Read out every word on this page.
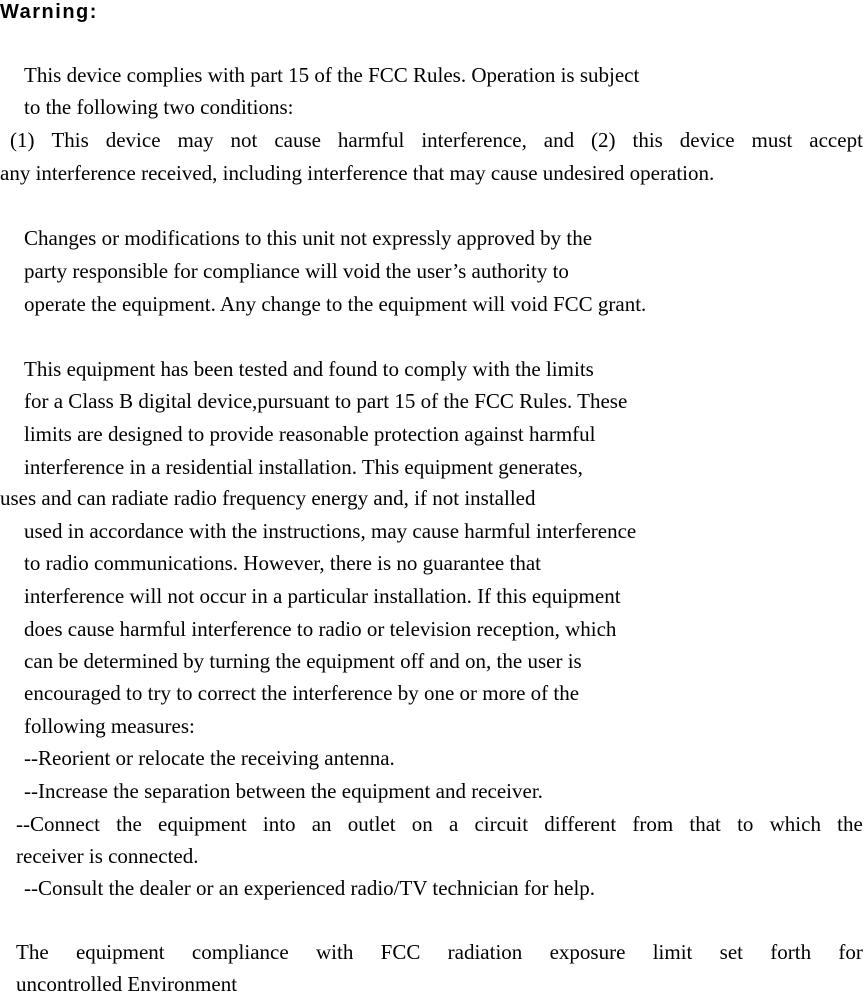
Warning:
This device complies with part 15 of the FCC Rules. Operation is subject
to the following two conditions:
(1) This device may not cause harmful interference, and (2) this device must accept
any interference received, including interference that may cause undesired operation.
Changes or modifications to this unit not expressly approved by the
party responsible for compliance will void the user’s authority to
operate the equipment. Any change to the equipment will void FCC grant.
This equipment has been tested and found to comply with the limits
for a Class B digital device,pursuant to part 15 of the FCC Rules. These
limits are designed to provide reasonable protection against harmful
interference in a residential installation. This equipment generates,
uses and can radiate radio frequency energy and, if not installed
used in accordance with the instructions, may cause harmful interference
to radio communications. However, there is no guarantee that
interference will not occur in a particular installation. If this equipment
does cause harmful interference to radio or television reception, which
can be determined by turning the equipment off and on, the user is
encouraged to try to correct the interference by one or more of the
following measures:
--Reorient or relocate the receiving antenna.
--Increase the separation between the equipment and receiver.
--Connect the equipment into an outlet on a circuit different from that to which the
receiver is connected.
--Consult the dealer or an experienced radio/TV technician for help.
The equipment compliance with FCC radiation exposure limit set forth for
uncontrolled Environment
